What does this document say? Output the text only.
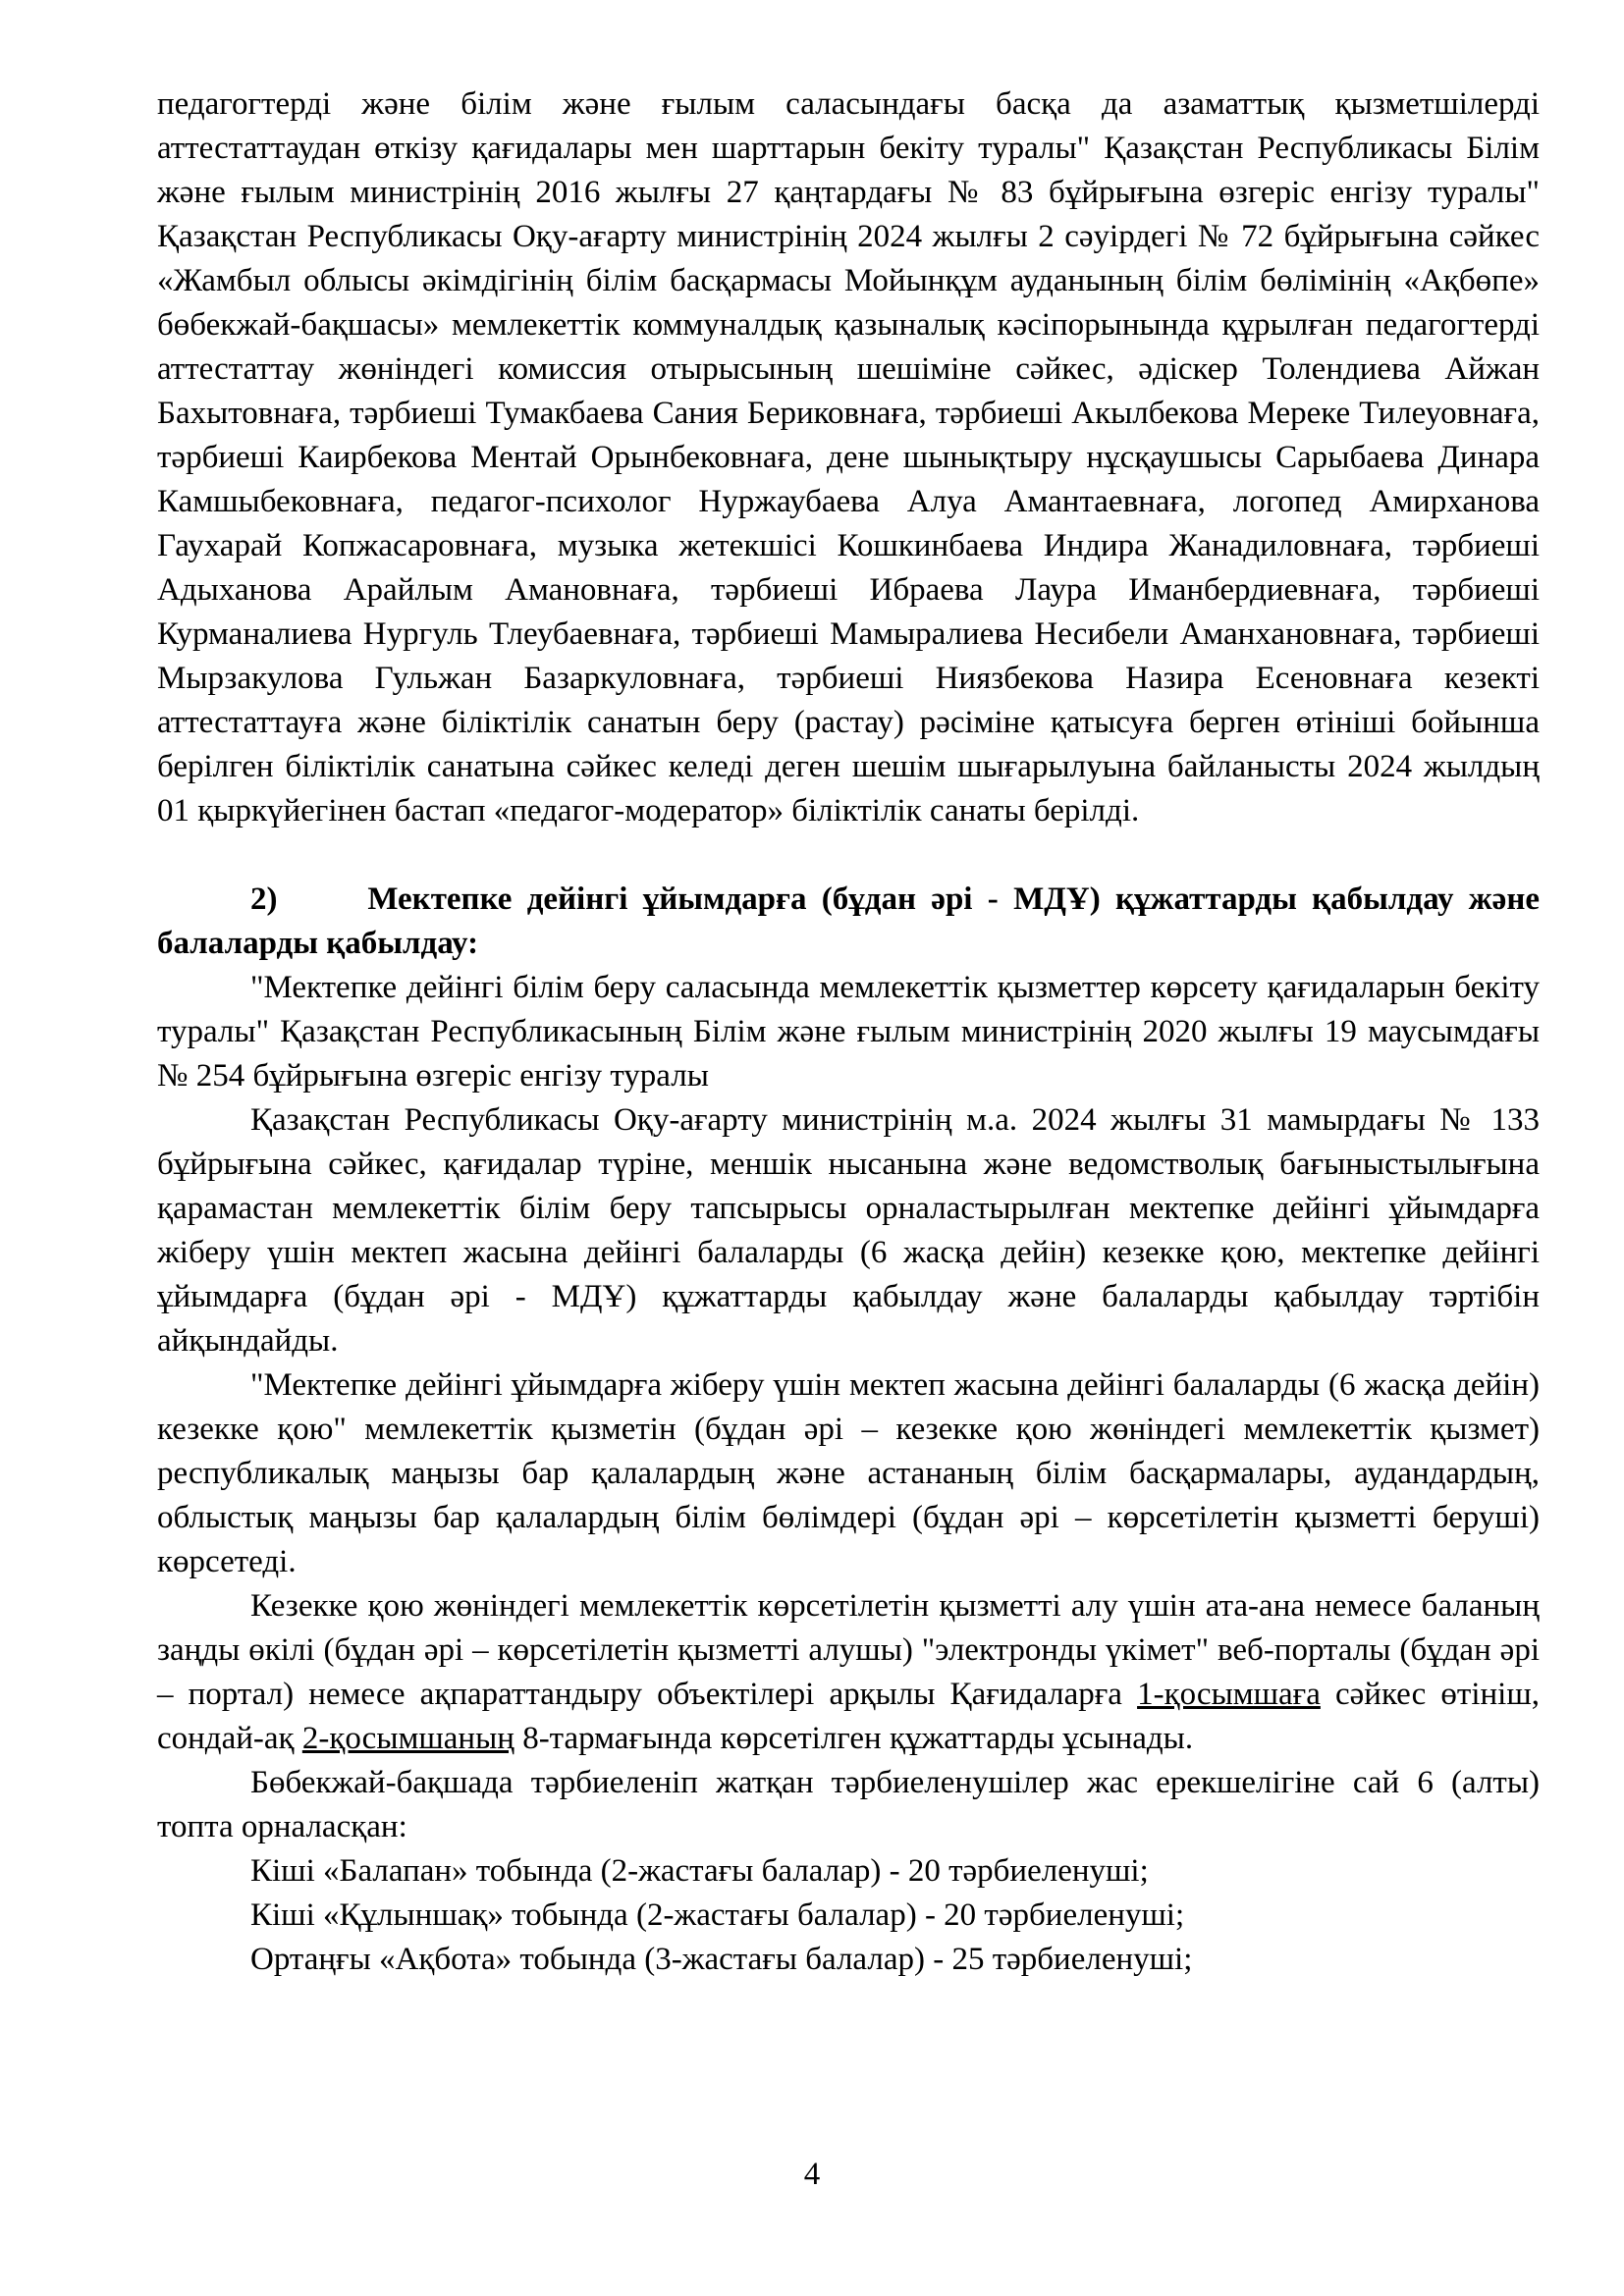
педагогтерді және білім және ғылым саласындағы басқа да азаматтық қызметшілерді аттестаттаудан өткізу қағидалары мен шарттарын бекіту туралы" Қазақстан Республикасы Білім және ғылым министрінің 2016 жылғы 27 қаңтардағы № 83 бұйрығына өзгеріс енгізу туралы" Қазақстан Республикасы Оқу-ағарту министрінің 2024 жылғы 2 сәуірдегі № 72 бұйрығына сәйкес «Жамбыл облысы әкімдігінің білім басқармасы Мойынқұм ауданының білім бөлімінің «Ақбөпе» бөбекжай-бақшасы» мемлекеттік коммуналдық қазыналық кәсіпорынында құрылған педагогтерді аттестаттау жөніндегі комиссия отырысының шешіміне сәйкес, әдіскер Толендиева Айжан Бахытовнаға, тәрбиеші Тумакбаева Сания Бериковнаға, тәрбиеші Акылбекова Мереке Тилеуовнаға, тәрбиеші Каирбекова Ментай Орынбековнаға, дене шынықтыру нұсқаушысы Сарыбаева Динара Камшыбековнаға, педагог-психолог Нуржаубаева Алуа Амантаевнаға, логопед Амирханова Гаухарай Копжасаровнаға, музыка жетекшісі Кошкинбаева Индира Жанадиловнаға, тәрбиеші Адыханова Арайлым Амановнаға, тәрбиеші Ибраева Лаура Иманбердиевнаға, тәрбиеші Курманалиева Нургуль Тлеубаевнаға, тәрбиеші Мамыралиева Несибели Аманхановнаға, тәрбиеші Мырзакулова Гульжан Базаркуловнаға, тәрбиеші Ниязбекова Назира Есеновнаға кезекті аттестаттауға және біліктілік санатын беру (растау) рәсіміне қатысуға берген өтініші бойынша берілген біліктілік санатына сәйкес келеді деген шешім шығарылуына байланысты 2024 жылдың 01 қыркүйегінен бастап «педагог-модератор» біліктілік санаты берілді.

2)      Мектепке дейінгі ұйымдарға (бұдан әрі - МДҰ) құжаттарды қабылдау және балаларды қабылдау:

"Мектепке дейінгі білім беру саласында мемлекеттік қызметтер көрсету қағидаларын бекіту туралы" Қазақстан Республикасының Білім және ғылым министрінің 2020 жылғы 19 маусымдағы № 254 бұйрығына өзгеріс енгізу туралы

Қазақстан Республикасы Оқу-ағарту министрінің м.а. 2024 жылғы 31 мамырдағы № 133 бұйрығына сәйкес, қағидалар түріне, меншік нысанына және ведомстволық бағыныстылығына қарамастан мемлекеттік білім беру тапсырысы орналастырылған мектепке дейінгі ұйымдарға жіберу үшін мектеп жасына дейінгі балаларды (6 жасқа дейін) кезекке қою, мектепке дейінгі ұйымдарға (бұдан әрі - МДҰ) құжаттарды қабылдау және балаларды қабылдау тәртібін айқындайды.

"Мектепке дейінгі ұйымдарға жіберу үшін мектеп жасына дейінгі балаларды (6 жасқа дейін) кезекке қою" мемлекеттік қызметін (бұдан әрі – кезекке қою жөніндегі мемлекеттік қызмет) республикалық маңызы бар қалалардың және астананың білім басқармалары, аудандардың, облыстық маңызы бар қалалардың білім бөлімдері (бұдан әрі – көрсетілетін қызметті беруші) көрсетеді.

Кезекке қою жөніндегі мемлекеттік көрсетілетін қызметті алу үшін ата-ана немесе баланың заңды өкілі (бұдан әрі – көрсетілетін қызметті алушы) "электронды үкімет" веб-порталы (бұдан әрі – портал) немесе ақпараттандыру объектілері арқылы Қағидаларға 1-қосымшаға сәйкес өтініш, сондай-ақ 2-қосымшаның 8-тармағында көрсетілген құжаттарды ұсынады.

Бөбекжай-бақшада тәрбиеленіп жатқан тәрбиеленушілер жас ерекшелігіне сай 6 (алты) топта орналасқан:

Кіші «Балапан» тобында (2-жастағы балалар) - 20 тәрбиеленуші;

Кіші «Құлыншақ» тобында (2-жастағы балалар) - 20 тәрбиеленуші;

Ортаңғы «Ақбота» тобында (3-жастағы балалар) - 25 тәрбиеленуші;

4
